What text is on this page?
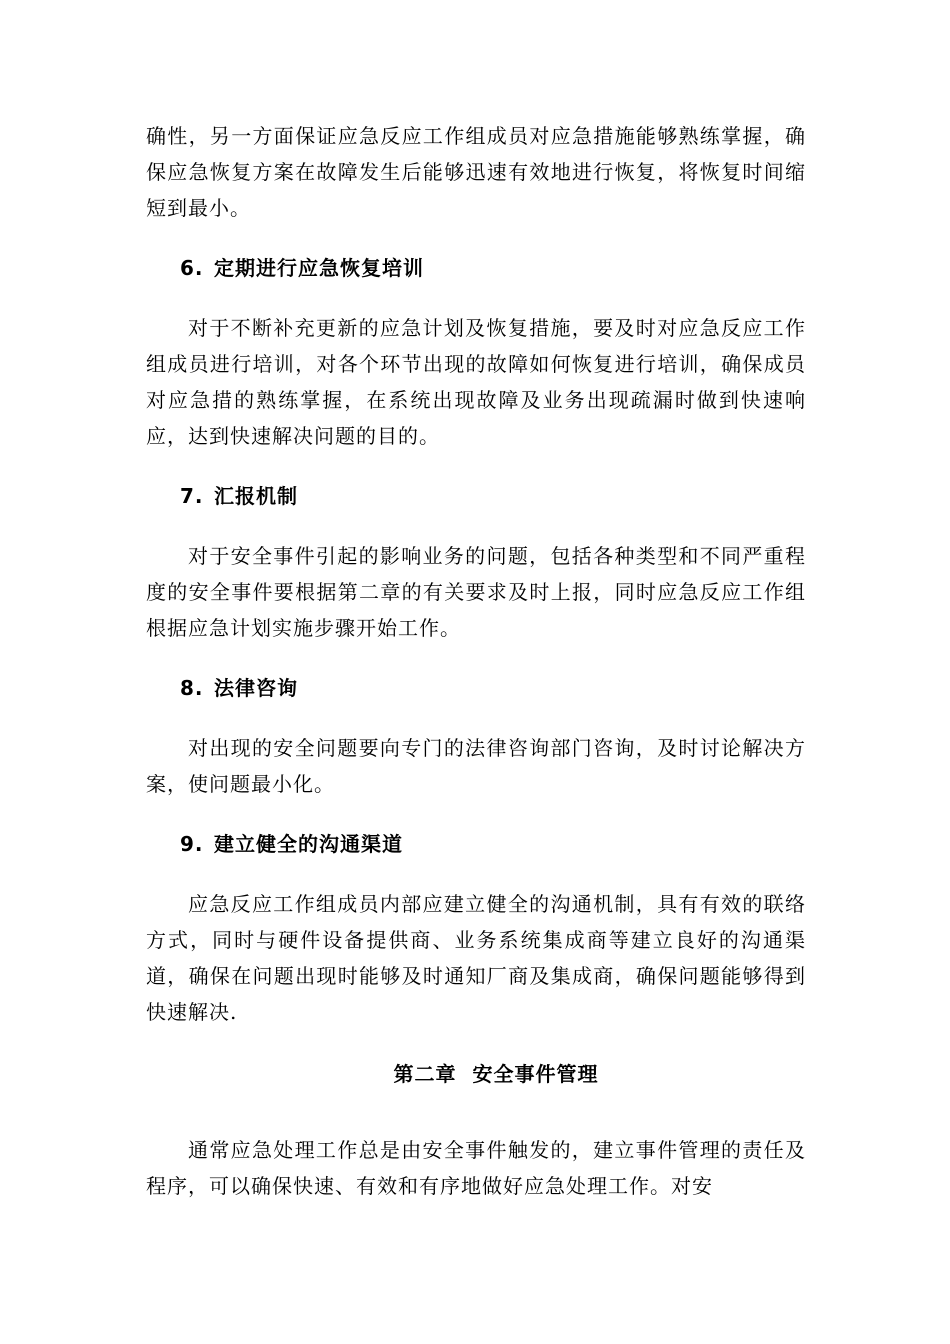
确性，另一方面保证应急反应工作组成员对应急措施能够熟练掌握，确保应急恢复方案在故障发生后能够迅速有效地进行恢复，将恢复时间缩短到最小。

6. 定期进行应急恢复培训

对于不断补充更新的应急计划及恢复措施，要及时对应急反应工作组成员进行培训，对各个环节出现的故障如何恢复进行培训，确保成员对应急措的熟练掌握，在系统出现故障及业务出现疏漏时做到快速响应，达到快速解决问题的目的。

7. 汇报机制

对于安全事件引起的影响业务的问题，包括各种类型和不同严重程度的安全事件要根据第二章的有关要求及时上报，同时应急反应工作组根据应急计划实施步骤开始工作。

8. 法律咨询

对出现的安全问题要向专门的法律咨询部门咨询，及时讨论解决方案，使问题最小化。

9. 建立健全的沟通渠道

应急反应工作组成员内部应建立健全的沟通机制，具有有效的联络方式，同时与硬件设备提供商、业务系统集成商等建立良好的沟通渠道，确保在问题出现时能够及时通知厂商及集成商，确保问题能够得到快速解决.

第二章 安全事件管理

通常应急处理工作总是由安全事件触发的，建立事件管理的责任及程序，可以确保快速、有效和有序地做好应急处理工作。对安
